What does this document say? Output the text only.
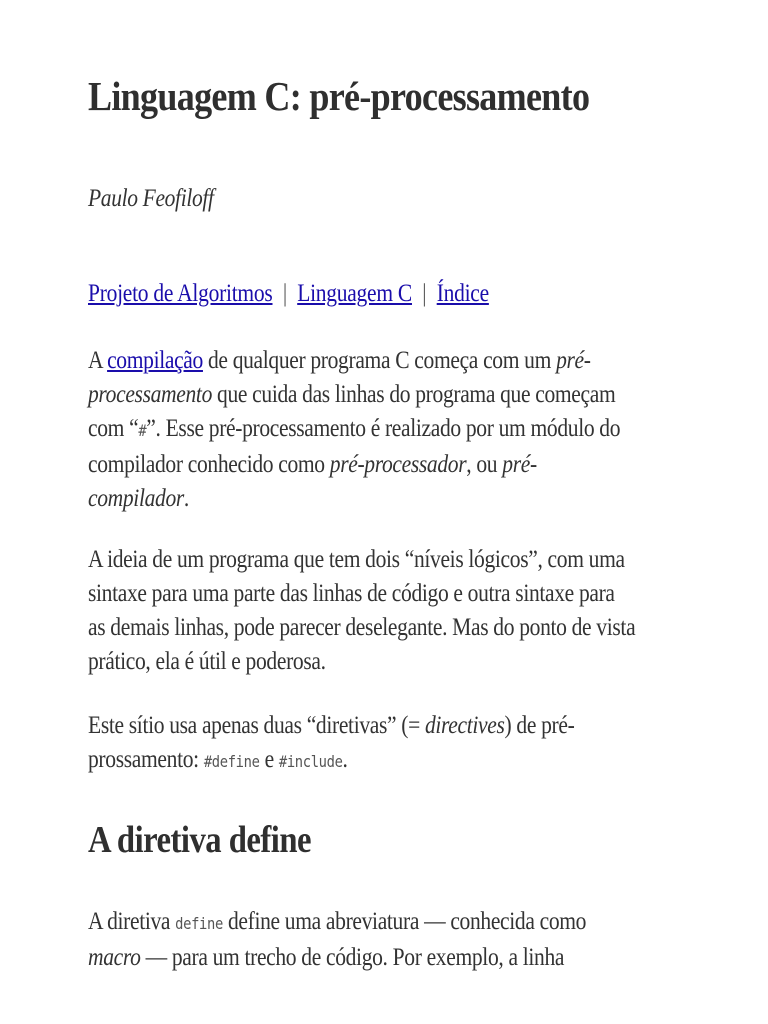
Linguagem C: pré-processamento
Paulo Feofiloff
Projeto de Algoritmos | Linguagem C | Índice

A compilação de qualquer programa C começa com um pré-
processamento que cuida das linhas do programa que começam
com “#”. Esse pré-processamento é realizado por um módulo do
compilador conhecido como pré-processador, ou pré-
compilador.

A ideia de um programa que tem dois “níveis lógicos”, com uma
sintaxe para uma parte das linhas de código e outra sintaxe para
as demais linhas, pode parecer deselegante. Mas do ponto de vista
prático, ela é útil e poderosa.

Este sítio usa apenas duas “diretivas” (= directives) de pré-
prossamento: #define e #include.

A diretiva define

A diretiva define define uma abreviatura — conhecida como
macro — para um trecho de código. Por exemplo, a linha
